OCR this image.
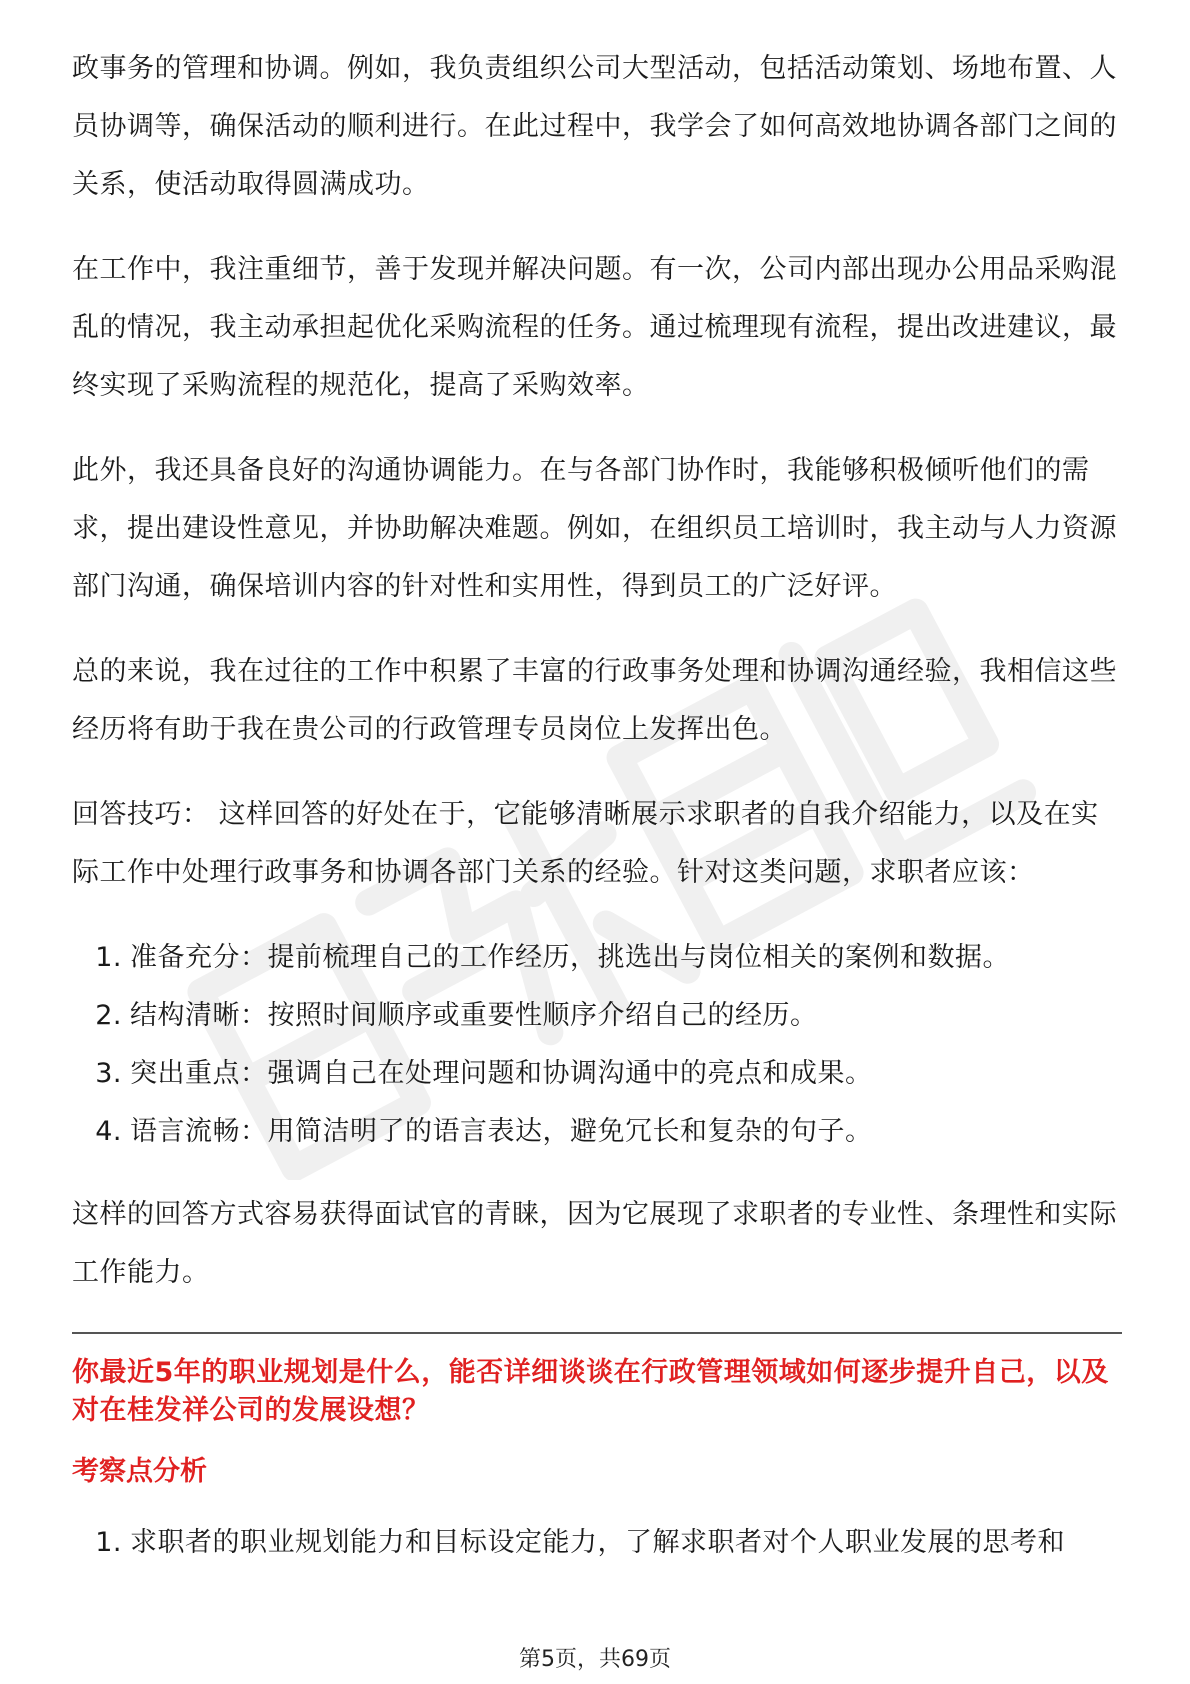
政事务的管理和协调。例如，我负责组织公司大型活动，包括活动策划、场地布置、人员协调等，确保活动的顺利进行。在此过程中，我学会了如何高效地协调各部门之间的关系，使活动取得圆满成功。

在工作中，我注重细节，善于发现并解决问题。有一次，公司内部出现办公用品采购混乱的情况，我主动承担起优化采购流程的任务。通过梳理现有流程，提出改进建议，最终实现了采购流程的规范化，提高了采购效率。

此外，我还具备良好的沟通协调能力。在与各部门协作时，我能够积极倾听他们的需求，提出建设性意见，并协助解决难题。例如，在组织员工培训时，我主动与人力资源部门沟通，确保培训内容的针对性和实用性，得到员工的广泛好评。

总的来说，我在过往的工作中积累了丰富的行政事务处理和协调沟通经验，我相信这些经历将有助于我在贵公司的行政管理专员岗位上发挥出色。

回答技巧： 这样回答的好处在于，它能够清晰展示求职者的自我介绍能力，以及在实际工作中处理行政事务和协调各部门关系的经验。针对这类问题，求职者应该：

1. 准备充分：提前梳理自己的工作经历，挑选出与岗位相关的案例和数据。
2. 结构清晰：按照时间顺序或重要性顺序介绍自己的经历。
3. 突出重点：强调自己在处理问题和协调沟通中的亮点和成果。
4. 语言流畅：用简洁明了的语言表达，避免冗长和复杂的句子。

这样的回答方式容易获得面试官的青睐，因为它展现了求职者的专业性、条理性和实际工作能力。

你最近5年的职业规划是什么，能否详细谈谈在行政管理领域如何逐步提升自己，以及对在桂发祥公司的发展设想？

考察点分析

1. 求职者的职业规划能力和目标设定能力，了解求职者对个人职业发展的思考和
第5页，共69页
